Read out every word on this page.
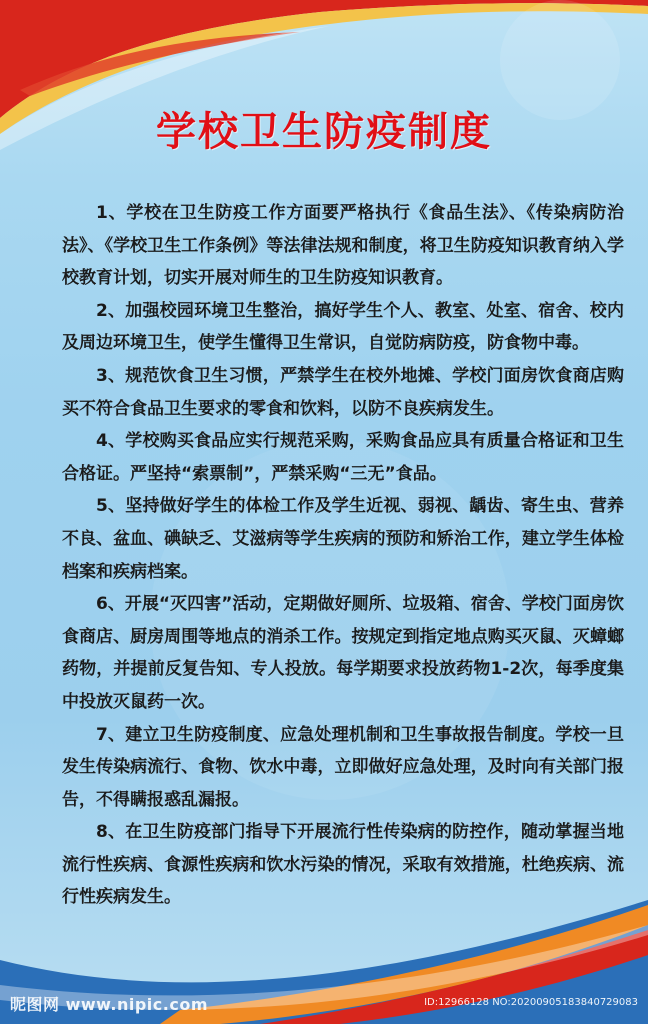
学校卫生防疫制度

1、学校在卫生防疫工作方面要严格执行《食品生法》、《传染病防治法》、《学校卫生工作条例》等法律法规和制度，将卫生防疫知识教育纳入学校教育计划，切实开展对师生的卫生防疫知识教育。

2、加强校园环境卫生整治，搞好学生个人、教室、处室、宿舍、校内及周边环境卫生，使学生懂得卫生常识，自觉防病防疫，防食物中毒。

3、规范饮食卫生习惯，严禁学生在校外地摊、学校门面房饮食商店购买不符合食品卫生要求的零食和饮料，以防不良疾病发生。

4、学校购买食品应实行规范采购，采购食品应具有质量合格证和卫生合格证。严坚持“索票制”，严禁采购“三无”食品。

5、坚持做好学生的体检工作及学生近视、弱视、龋齿、寄生虫、营养不良、盆血、碘缺乏、艾滋病等学生疾病的预防和矫治工作，建立学生体检档案和疾病档案。

6、开展“灭四害”活动，定期做好厕所、垃圾箱、宿舍、学校门面房饮食商店、厨房周围等地点的消杀工作。按规定到指定地点购买灭鼠、灭蟑螂药物，并提前反复告知、专人投放。每学期要求投放药物1-2次，每季度集中投放灭鼠药一次。

7、建立卫生防疫制度、应急处理机制和卫生事故报告制度。学校一旦发生传染病流行、食物、饮水中毒，立即做好应急处理，及时向有关部门报告，不得瞒报惑乱漏报。

8、在卫生防疫部门指导下开展流行性传染病的防控作，随动掌握当地流行性疾病、食源性疾病和饮水污染的情况，采取有效措施，杜绝疾病、流行性疾病发生。

昵图网 www.nipic.com	ID:12966128 NO:20200905183840729083
